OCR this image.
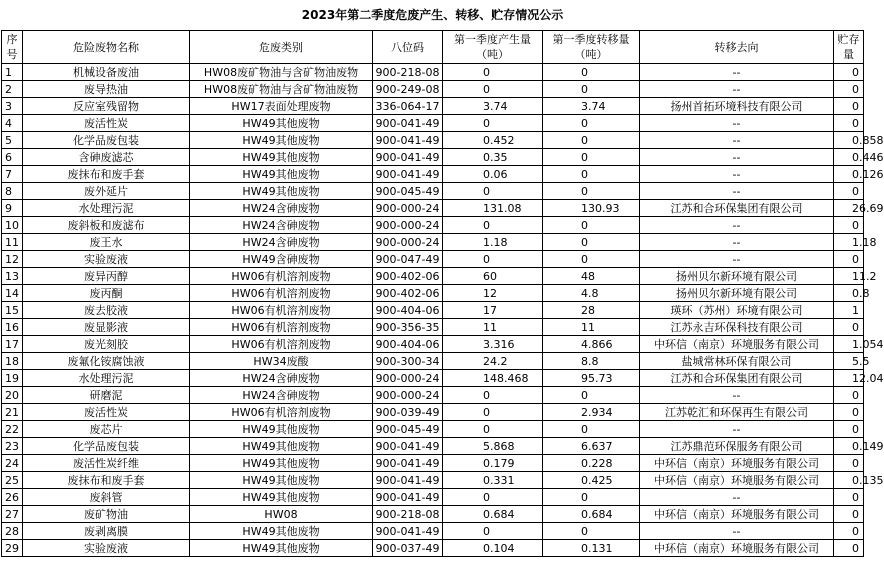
2023年第二季度危废产生、转移、贮存情况公示
序号	危险废物名称	危废类别	八位码	第一季度产生量（吨）	第一季度转移量（吨）	转移去向	贮存量
1	机械设备废油	HW08废矿物油与含矿物油废物	900-218-08	0	0	--	0
2	废导热油	HW08废矿物油与含矿物油废物	900-249-08	0	0	--	0
3	反应室残留物	HW17表面处理废物	336-064-17	3.74	3.74	扬州首拓环境科技有限公司	0
4	废活性炭	HW49其他废物	900-041-49	0	0	--	0
5	化学品废包装	HW49其他废物	900-041-49	0.452	0	--	0.858
6	含砷废滤芯	HW49其他废物	900-041-49	0.35	0	--	0.446
7	废抹布和废手套	HW49其他废物	900-041-49	0.06	0	--	0.126
8	废外延片	HW49其他废物	900-045-49	0	0	--	0
9	水处理污泥	HW24含砷废物	900-000-24	131.08	130.93	江苏和合环保集团有限公司	26.69
10	废斜板和废滤布	HW24含砷废物	900-000-24	0	0	--	0
11	废王水	HW24含砷废物	900-000-24	1.18	0	--	1.18
12	实验废液	HW49含砷废物	900-047-49	0	0	--	0
13	废异丙醇	HW06有机溶剂废物	900-402-06	60	48	扬州贝尔新环境有限公司	11.2
14	废丙酮	HW06有机溶剂废物	900-402-06	12	4.8	扬州贝尔新环境有限公司	0.8
15	废去胶液	HW06有机溶剂废物	900-404-06	17	28	瑛环（苏州）环境有限公司	1
16	废显影液	HW06有机溶剂废物	900-356-35	11	11	江苏永吉环保科技有限公司	0
17	废光刻胶	HW06有机溶剂废物	900-404-06	3.316	4.866	中环信（南京）环境服务有限公司	1.054
18	废氟化铵腐蚀液	HW34废酸	900-300-34	24.2	8.8	盐城常林环保有限公司	5.5
19	水处理污泥	HW24含砷废物	900-000-24	148.468	95.73	江苏和合环保集团有限公司	12.04
20	研磨泥	HW24含砷废物	900-000-24	0	0	--	0
21	废活性炭	HW06有机溶剂废物	900-039-49	0	2.934	江苏乾汇和环保再生有限公司	0
22	废芯片	HW49其他废物	900-045-49	0	0	--	0
23	化学品废包装	HW49其他废物	900-041-49	5.868	6.637	江苏鼎范环保服务有限公司	0.149
24	废活性炭纤维	HW49其他废物	900-041-49	0.179	0.228	中环信（南京）环境服务有限公司	0
25	废抹布和废手套	HW49其他废物	900-041-49	0.331	0.425	中环信（南京）环境服务有限公司	0.135
26	废斜管	HW49其他废物	900-041-49	0	0	--	0
27	废矿物油	HW08	900-218-08	0.684	0.684	中环信（南京）环境服务有限公司	0
28	废剥离膜	HW49其他废物	900-041-49	0	0	--	0
29	实验废液	HW49其他废物	900-037-49	0.104	0.131	中环信（南京）环境服务有限公司	0
